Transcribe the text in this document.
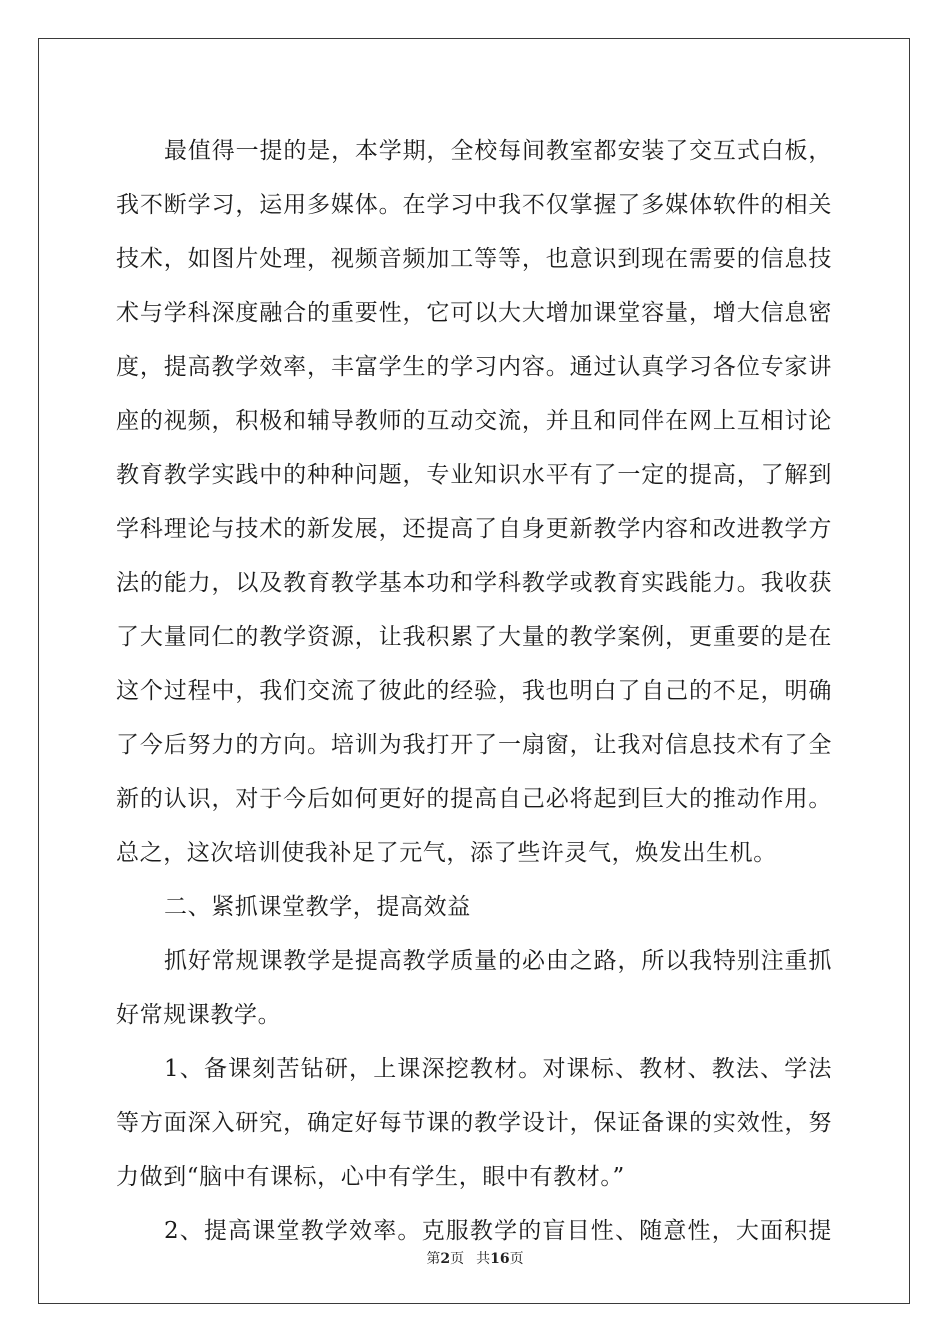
最值得一提的是，本学期，全校每间教室都安装了交互式白板，
我不断学习，运用多媒体。在学习中我不仅掌握了多媒体软件的相关
技术，如图片处理，视频音频加工等等，也意识到现在需要的信息技
术与学科深度融合的重要性，它可以大大增加课堂容量，增大信息密
度，提高教学效率，丰富学生的学习内容。通过认真学习各位专家讲
座的视频，积极和辅导教师的互动交流，并且和同伴在网上互相讨论
教育教学实践中的种种问题，专业知识水平有了一定的提高，了解到
学科理论与技术的新发展，还提高了自身更新教学内容和改进教学方
法的能力，以及教育教学基本功和学科教学或教育实践能力。我收获
了大量同仁的教学资源，让我积累了大量的教学案例，更重要的是在
这个过程中，我们交流了彼此的经验，我也明白了自己的不足，明确
了今后努力的方向。培训为我打开了一扇窗，让我对信息技术有了全
新的认识，对于今后如何更好的提高自己必将起到巨大的推动作用。
总之，这次培训使我补足了元气，添了些许灵气，焕发出生机。
二、紧抓课堂教学，提高效益
抓好常规课教学是提高教学质量的必由之路，所以我特别注重抓
好常规课教学。
1、备课刻苦钻研，上课深挖教材。对课标、教材、教法、学法
等方面深入研究，确定好每节课的教学设计，保证备课的实效性，努
力做到“脑中有课标，心中有学生，眼中有教材。”
2、提高课堂教学效率。克服教学的盲目性、随意性，大面积提
第2页 共16页
